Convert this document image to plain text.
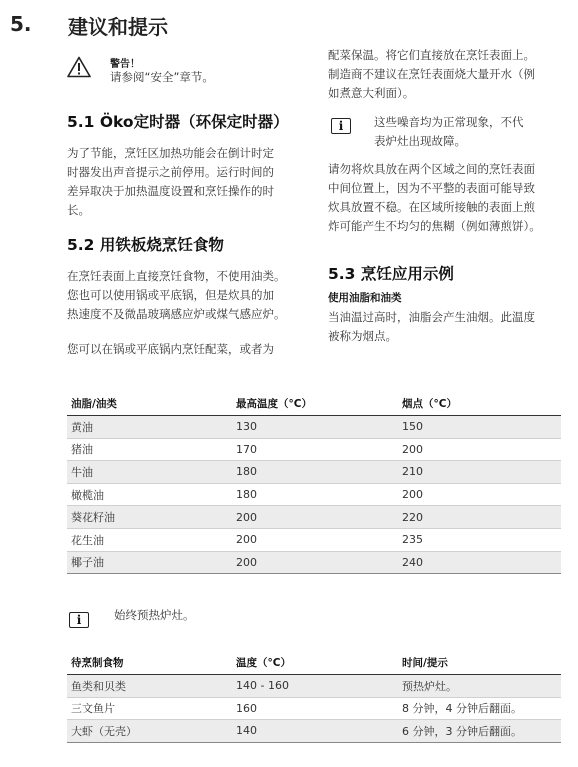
5. 建议和提示
警告！
请参阅“安全”章节。
5.1 Öko定时器（环保定时器）
为了节能，烹饪区加热功能会在倒计时定
时器发出声音提示之前停用。运行时间的
差异取决于加热温度设置和烹饪操作的时
长。
5.2 用铁板烧烹饪食物
在烹饪表面上直接烹饪食物，不使用油类。
您也可以使用锅或平底锅，但是炊具的加
热速度不及微晶玻璃感应炉或煤气感应炉。
您可以在锅或平底锅内烹饪配菜，或者为
配菜保温。将它们直接放在烹饪表面上。
制造商不建议在烹饪表面烧大量开水（例
如煮意大利面）。
i	这些噪音均为正常现象，不代
表炉灶出现故障。
请勿将炊具放在两个区域之间的烹饪表面
中间位置上，因为不平整的表面可能导致
炊具放置不稳。在区域所接触的表面上煎
炸可能产生不均匀的焦糊（例如薄煎饼）。
5.3 烹饪应用示例
使用油脂和油类
当油温过高时，油脂会产生油烟。此温度
被称为烟点。
油脂/油类	最高温度（°C）	烟点（°C）
黄油	130	150
猪油	170	200
牛油	180	210
橄榄油	180	200
葵花籽油	200	220
花生油	200	235
椰子油	200	240
i	始终预热炉灶。
待烹制食物	温度（°C）	时间/提示
鱼类和贝类	140 - 160	预热炉灶。
三文鱼片	160	8 分钟，4 分钟后翻面。
大虾（无壳）	140	6 分钟，3 分钟后翻面。
